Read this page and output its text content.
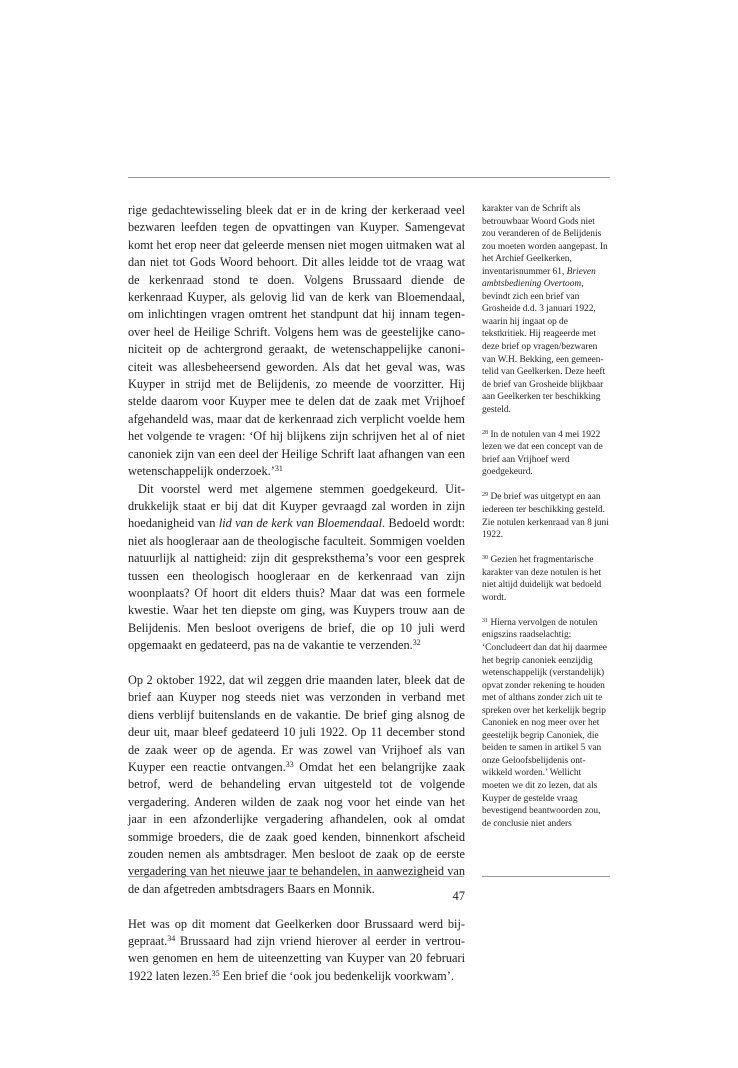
rige gedachtewisseling bleek dat er in de kring der kerkeraad veel bezwaren leefden tegen de opvattingen van Kuyper. Samengevat komt het erop neer dat geleerde mensen niet mogen uitmaken wat al dan niet tot Gods Woord behoort. Dit alles leidde tot de vraag wat de kerkenraad stond te doen. Volgens Brussaard diende de kerkenraad Kuyper, als gelovig lid van de kerk van Bloemendaal, om inlichtingen vragen omtrent het standpunt dat hij innam tegenover heel de Heilige Schrift. Volgens hem was de geestelijke canoniciteit op de achtergrond geraakt, de wetenschappelijke canoniciteit was allesbeheersend geworden. Als dat het geval was, was Kuyper in strijd met de Belijdenis, zo meende de voorzitter. Hij stelde daarom voor Kuyper mee te delen dat de zaak met Vrijhoef afgehandeld was, maar dat de kerkenraad zich verplicht voelde hem het volgende te vragen: ‘Of hij blijkens zijn schrijven het al of niet canoniek zijn van een deel der Heilige Schrift laat afhangen van een wetenschappelijk onderzoek.’$^{31}$

Dit voorstel werd met algemene stemmen goedgekeurd. Uitdrukkelijk staat er bij dat dit Kuyper gevraagd zal worden in zijn hoedanigheid van lid van de kerk van Bloemendaal. Bedoeld wordt: niet als hoogleraar aan de theologische faculteit. Sommigen voelden natuurlijk al nattigheid: zijn dit gespreksthema’s voor een gesprek tussen een theologisch hoogleraar en de kerkenraad van zijn woonplaats? Of hoort dit elders thuis? Maar dat was een formele kwestie. Waar het ten diepste om ging, was Kuypers trouw aan de Belijdenis. Men besloot overigens de brief, die op 10 juli werd opgemaakt en gedateerd, pas na de vakantie te verzenden.$^{32}$

Op 2 oktober 1922, dat wil zeggen drie maanden later, bleek dat de brief aan Kuyper nog steeds niet was verzonden in verband met diens verblijf buitenslands en de vakantie. De brief ging alsnog de deur uit, maar bleef gedateerd 10 juli 1922. Op 11 december stond de zaak weer op de agenda. Er was zowel van Vrijhoef als van Kuyper een reactie ontvangen.$^{33}$ Omdat het een belangrijke zaak betrof, werd de behandeling ervan uitgesteld tot de volgende vergadering. Anderen wilden de zaak nog voor het einde van het jaar in een afzonderlijke vergadering afhandelen, ook al omdat sommige broeders, die de zaak goed kenden, binnenkort afscheid zouden nemen als ambtsdrager. Men besloot de zaak op de eerste vergadering van het nieuwe jaar te behandelen, in aanwezigheid van de dan afgetreden ambtsdragers Baars en Monnik.

Het was op dit moment dat Geelkerken door Brussaard werd bijgepraat.$^{34}$ Brussaard had zijn vriend hierover al eerder in vertrouwen genomen en hem de uiteenzetting van Kuyper van 20 februari 1922 laten lezen.$^{35}$ Een brief die ‘ook jou bedenkelijk voorkwam’.

karakter van de Schrift als betrouwbaar Woord Gods niet zou veranderen of de Belijdenis zou moeten worden aangepast. In het Archief Geelkerken, inventarisnummer 61, Brieven ambtsbediening Overtoom, bevindt zich een brief van Grosheide d.d. 3 januari 1922, waarin hij ingaat op de tekstkritiek. Hij reageerde met deze brief op vragen/bezwaren van W.H. Bekking, een gemeentelid van Geelkerken. Deze heeft de brief van Grosheide blijkbaar aan Geelkerken ter beschikking gesteld.

$^{28}$ In de notulen van 4 mei 1922 lezen we dat een concept van de brief aan Vrijhoef werd goedgekeurd.

$^{29}$ De brief was uitgetypt en aan iedereen ter beschikking gesteld. Zie notulen kerkenraad van 8 juni 1922.

$^{30}$ Gezien het fragmentarische karakter van deze notulen is het niet altijd duidelijk wat bedoeld wordt.

$^{31}$ Hierna vervolgen de notulen enigszins raadselachtig: ‘Concludeert dan dat hij daarmee het begrip canoniek eenzijdig wetenschappelijk (verstandelijk) opvat zonder rekening te houden met of althans zonder zich uit te spreken over het kerkelijk begrip Canoniek en nog meer over het geestelijk begrip Canoniek, die beiden te samen in artikel 5 van onze Geloofsbelijdenis ontwikkeld worden.’ Wellicht moeten we dit zo lezen, dat als Kuyper de gestelde vraag bevestigend beantwoorden zou, de conclusie niet anders

47
